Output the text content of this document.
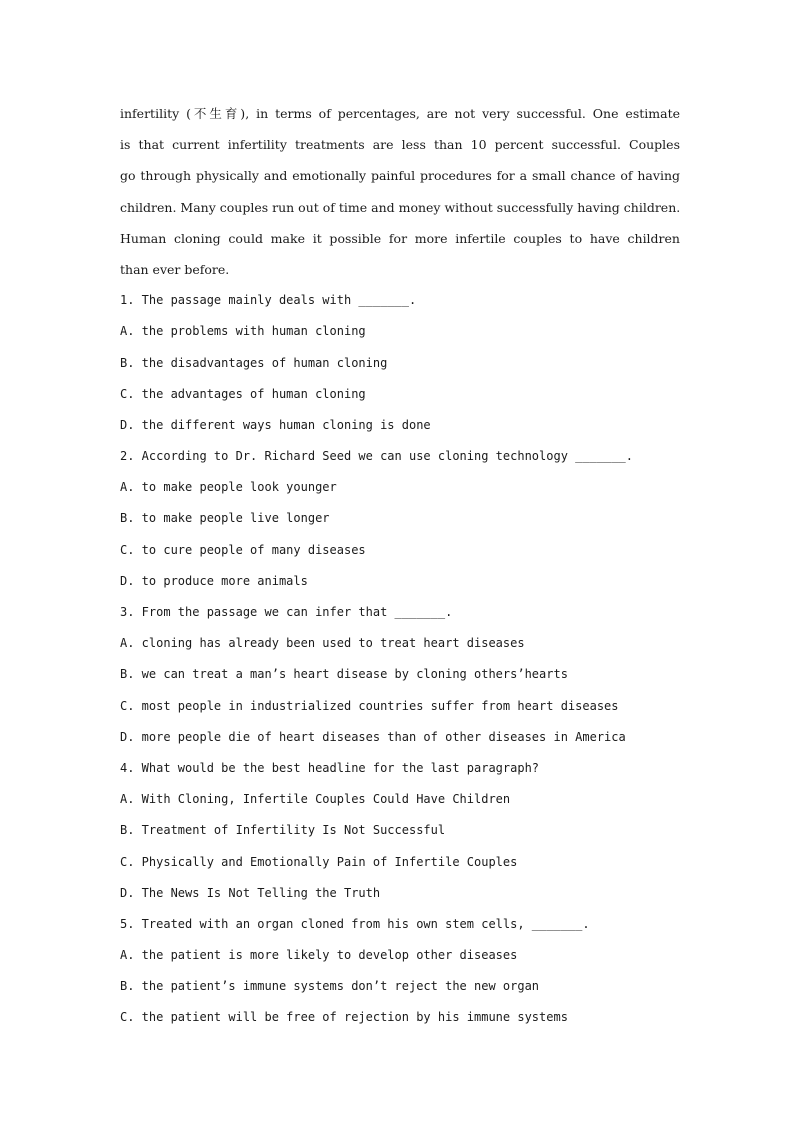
infertility (不生育), in terms of percentages, are not very successful. One estimate
is that current infertility treatments are less than 10 percent successful. Couples
go through physically and emotionally painful procedures for a small chance of having
children. Many couples run out of time and money without successfully having children.
Human cloning could make it possible for more infertile couples to have children
than ever before.

1. The passage mainly deals with _______.

A. the problems with human cloning

B. the disadvantages of human cloning

C. the advantages of human cloning

D. the different ways human cloning is done

2. According to Dr. Richard Seed we can use cloning technology _______.

A. to make people look younger

B. to make people live longer

C. to cure people of many diseases

D. to produce more animals

3. From the passage we can infer that _______.

A. cloning has already been used to treat heart diseases

B. we can treat a man’s heart disease by cloning others’hearts

C. most people in industrialized countries suffer from heart diseases

D. more people die of heart diseases than of other diseases in America

4. What would be the best headline for the last paragraph?

A. With Cloning, Infertile Couples Could Have Children

B. Treatment of Infertility Is Not Successful

C. Physically and Emotionally Pain of Infertile Couples

D. The News Is Not Telling the Truth

5. Treated with an organ cloned from his own stem cells, _______.

A. the patient is more likely to develop other diseases

B. the patient’s immune systems don’t reject the new organ

C. the patient will be free of rejection by his immune systems
